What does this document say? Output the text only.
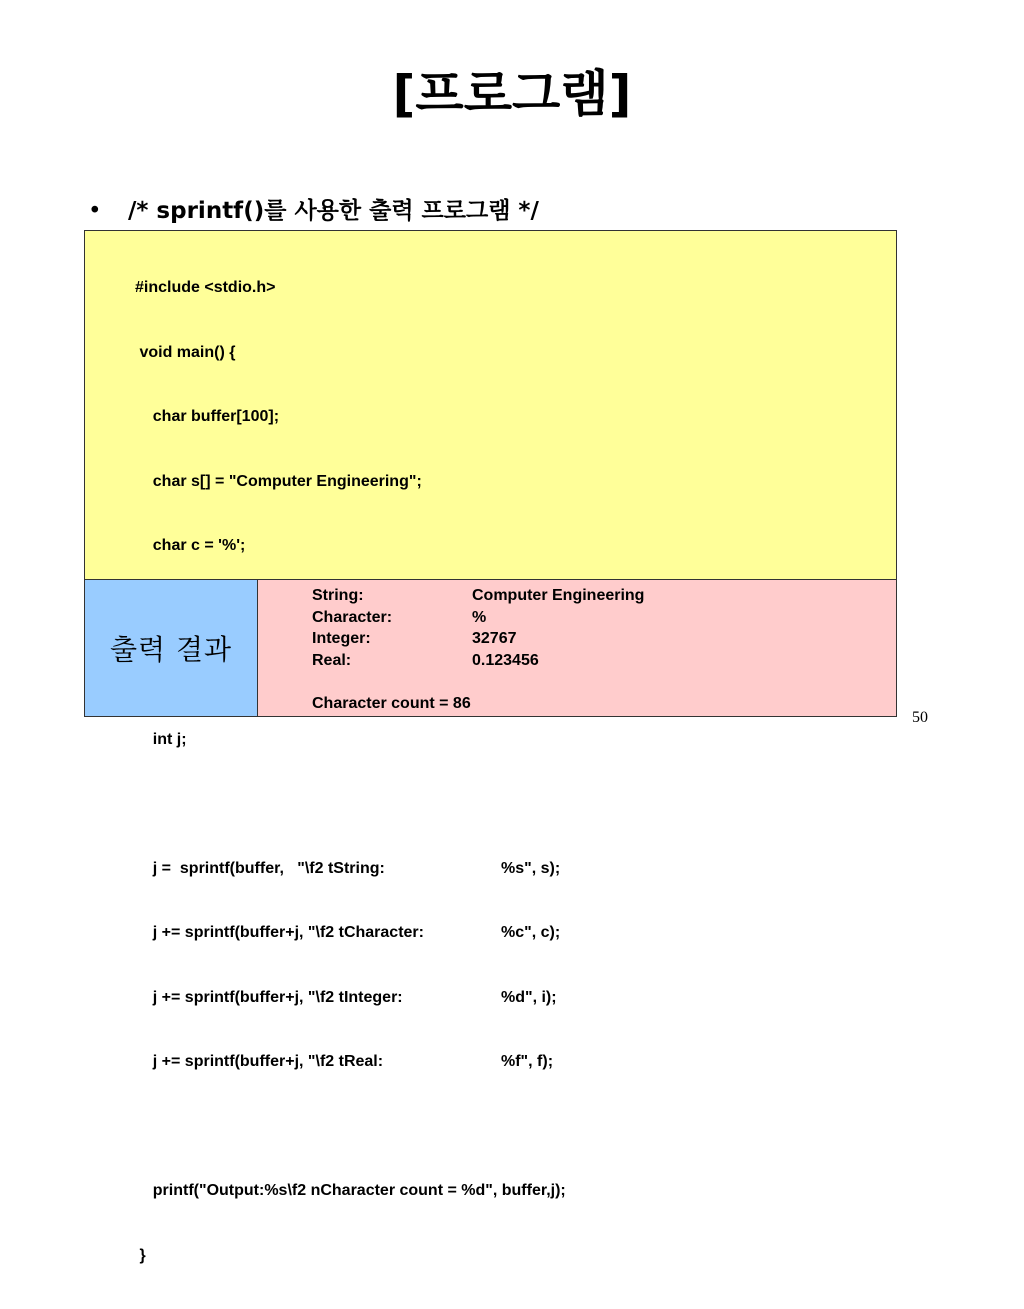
[프로그램]
• /* sprintf()를 사용한 출력 프로그램 */

#include <stdio.h>

void main() {

char buffer[100];

char s[] = "Computer Engineering";

char c = '%';

int j;

j =  sprintf(buffer,   "\f2 tString:	%s", s);

j += sprintf(buffer+j, "\f2 tCharacter:	%c", c);

j += sprintf(buffer+j, "\f2 tInteger:	%d", i);

j += sprintf(buffer+j, "\f2 tReal:	%f", f);

printf("Output:%s\f2 nCharacter count = %d", buffer,j);

}

출력 결과
String:	Computer Engineering
Character:	%
Integer:	32767
Real:	0.123456
Character count = 86
50
